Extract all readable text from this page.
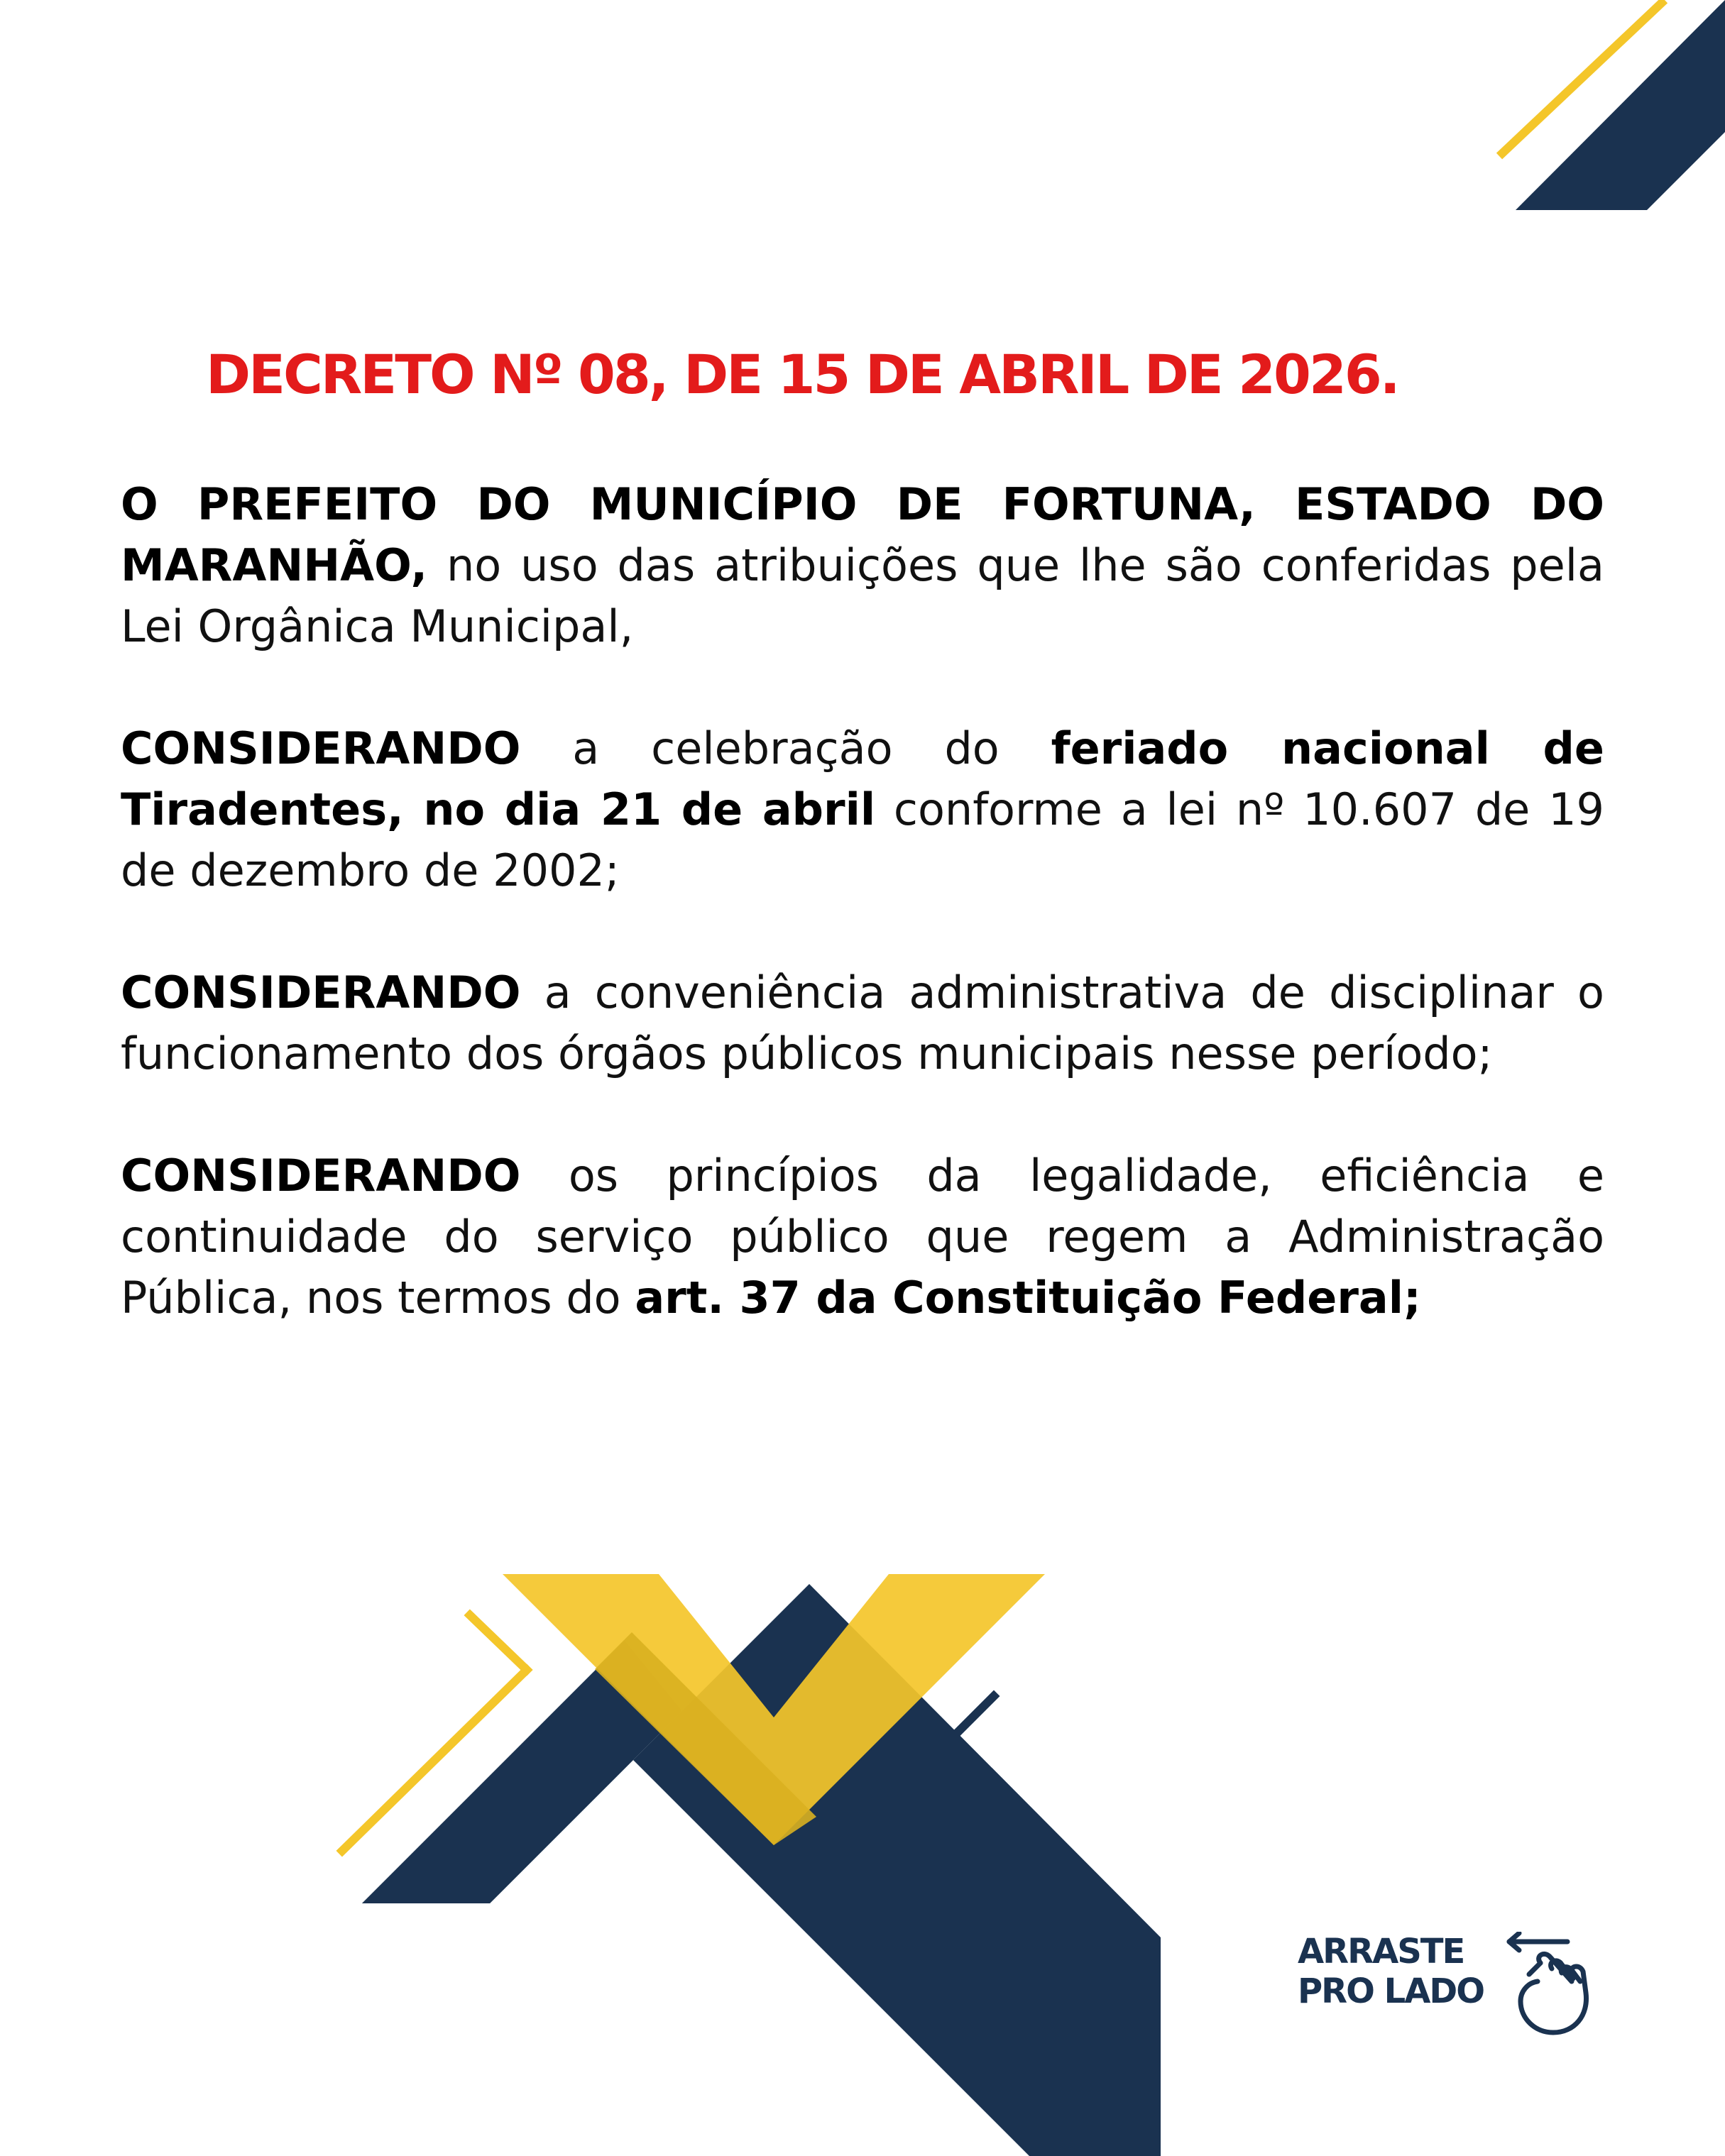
DECRETO Nº 08, DE 15 DE ABRIL DE 2026.

O PREFEITO DO MUNICÍPIO DE FORTUNA, ESTADO DO MARANHÃO, no uso das atribuições que lhe são conferidas pela Lei Orgânica Municipal,

CONSIDERANDO a celebração do feriado nacional de Tiradentes, no dia 21 de abril conforme a lei nº 10.607 de 19 de dezembro de 2002;

CONSIDERANDO a conveniência administrativa de disciplinar o funcionamento dos órgãos públicos municipais nesse período;

CONSIDERANDO os princípios da legalidade, eficiência e continuidade do serviço público que regem a Administração Pública, nos termos do art. 37 da Constituição Federal;

ARRASTE
PRO LADO
